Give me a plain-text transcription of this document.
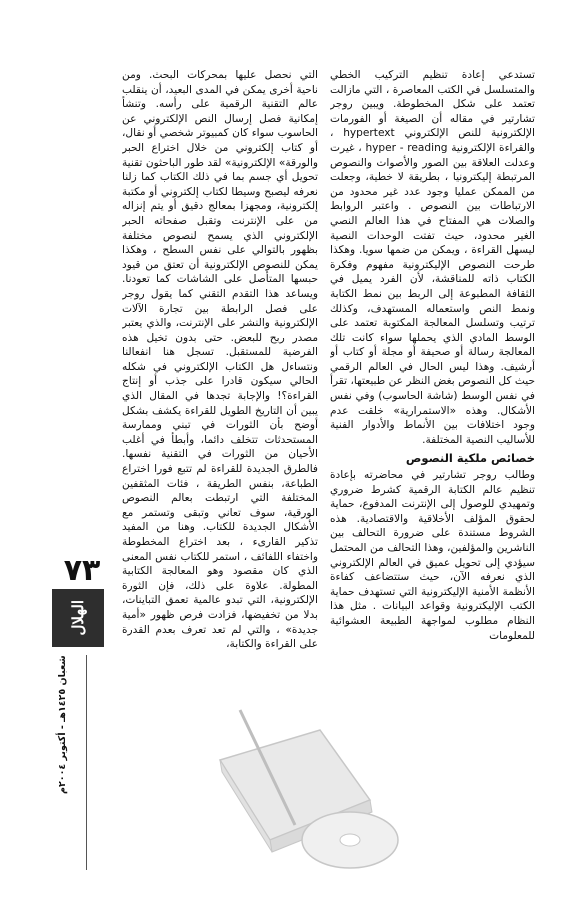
تستدعي إعادة تنظيم التركيب الخطي والمتسلسل في الكتب المعاصرة ، التي مازالت تعتمد على شكل المخطوطة. ويبين روجر تشارتير في مقاله أن الصيغة أو الفورمات الإلكترونية للنص الإلكتروني hypertext ، والقراءة الإلكترونية hyper - reading ، غيرت وعدلت العلاقة بين الصور والأصوات والنصوص المرتبطة إليكترونيا ، بطريقة لا خطية، وجعلت من الممكن عمليا وجود عدد غير محدود من الارتباطات بين النصوص . واعتبر الروابط والصلات هي المفتاح في هذا العالم النصي الغير محدود، حيث تفتت الوحدات النصية ليسهل القراءة ، ويمكن من ضمها سويا. وهكذا طرحت النصوص الإليكترونية مفهوم وفكرة الكتاب ذاته للمناقشة، لأن الفرد يميل في الثقافة المطبوعة إلى الربط بين نمط الكتابة ونمط النص واستعماله المستهدف، وكذلك ترتيب وتسلسل المعالجة المكتوبة تعتمد على الوسط المادي الذي يحملها سواء كانت تلك المعالجة رسالة أو صحيفة أو مجلة أو كتاب أو أرشيف. وهذا ليس الحال في العالم الرقمي حيث كل النصوص بغض النظر عن طبيعتها، تقرأ في نفس الوسط (شاشة الحاسوب) وفي نفس الأشكال. وهذه «الاستمرارية» خلقت عدم وجود اختلافات بين الأنماط والأدوار الفنية للأساليب النصية المختلفة.

خصائص ملكية النصوص

وطالب روجر تشارتير في محاضرته بإعادة تنظيم عالم الكتابة الرقمية كشرط ضروري وتمهيدي للوصول إلى الإنترنت المدفوع، حماية لحقوق المؤلف الأخلاقية والاقتصادية. هذه الشروط مستندة على ضرورة التحالف بين الناشرين والمؤلفين، وهذا التحالف من المحتمل سيؤدي إلى تحويل عميق في العالم الإلكتروني الذي نعرفه الآن، حيث ستتضاعف كفاءة الأنظمة الأمنية الإليكترونية التي تستهدف حماية الكتب الإليكترونية وقواعد البيانات . مثل هذا النظام مطلوب لمواجهة الطبيعة العشوائية للمعلومات

التي نحصل عليها بمحركات البحث. ومن ناحية أخرى يمكن في المدى البعيد، أن ينقلب عالم التقنية الرقمية على رأسه. وتنشأ إمكانية فصل إرسال النص الإلكتروني عن الحاسوب سواء كان كمبيوتر شخصي أو نقال، أو كتاب إلكتروني من خلال اختراع الحبر والورقة» الإلكترونية» لقد طور الباحثون تقنية تحويل أي جسم بما في ذلك الكتاب كما زلنا نعرفه ليصبح وسيطا لكتاب إلكتروني أو مكتبة إلكترونية، ومجهزا بمعالج دقيق أو يتم إنزاله من على الإنترنت وتقبل صفحاته الحبر الإلكتروني الذي يسمح لنصوص مختلفة بظهور بالتوالي على نفس السطح ، وهكذا يمكن للنصوص الإلكترونية أن تعتق من قيود حبسها المتأصل على الشاشات كما تعودنا. ويساعد هذا التقدم التقني كما يقول روجر على فصل الرابطة بين تجارة الآلات الإلكترونية والنشر على الإنترنت، والذي يعتبر مصدر ربح للبعض. حتى بدون تخيل هذه الفرضية للمستقبل. تسجل هنا انفعالنا ونتساءل هل الكتاب الإلكتروني في شكله الحالي سيكون قادرا على جذب أو إنتاج القراءة؟! والإجابة تجدها في المقال الذي يبين أن التاريخ الطويل للقراءة يكشف بشكل أوضح بأن الثورات في تبني وممارسة المستحدثات تتخلف دائما، وأبطأ في أغلب الأحيان من الثورات في التقنية نفسها. فالطرق الجديدة للقراءة لم تتبع فورا اختراع الطباعة، بنفس الطريقة ، فئات المثقفين المختلفة التي ارتبطت بعالم النصوص الورقية، سوف تعاني وتبقى وتستمر مع الأشكال الجديدة للكتاب. وهنا من المفيد تذكير القارىء ، بعد اختراع المخطوطة واختفاء اللفائف ، استمر للكتاب نفس المعنى الذي كان مقصود وهو المعالجة الكتابية المطولة. علاوة على ذلك، فإن الثورة الإلكترونية، التي تبدو عالمية تعمق التباينات، بدلا من تخفيضها، فزادت فرص ظهور «أمية جديدة» ، والتي لم تعد تعرف بعدم القدرة على القراءة والكتابة،

٧٣
الهلال
شعبان ١٤٢٥هـ - أكتوبر ٢٠٠٤م
